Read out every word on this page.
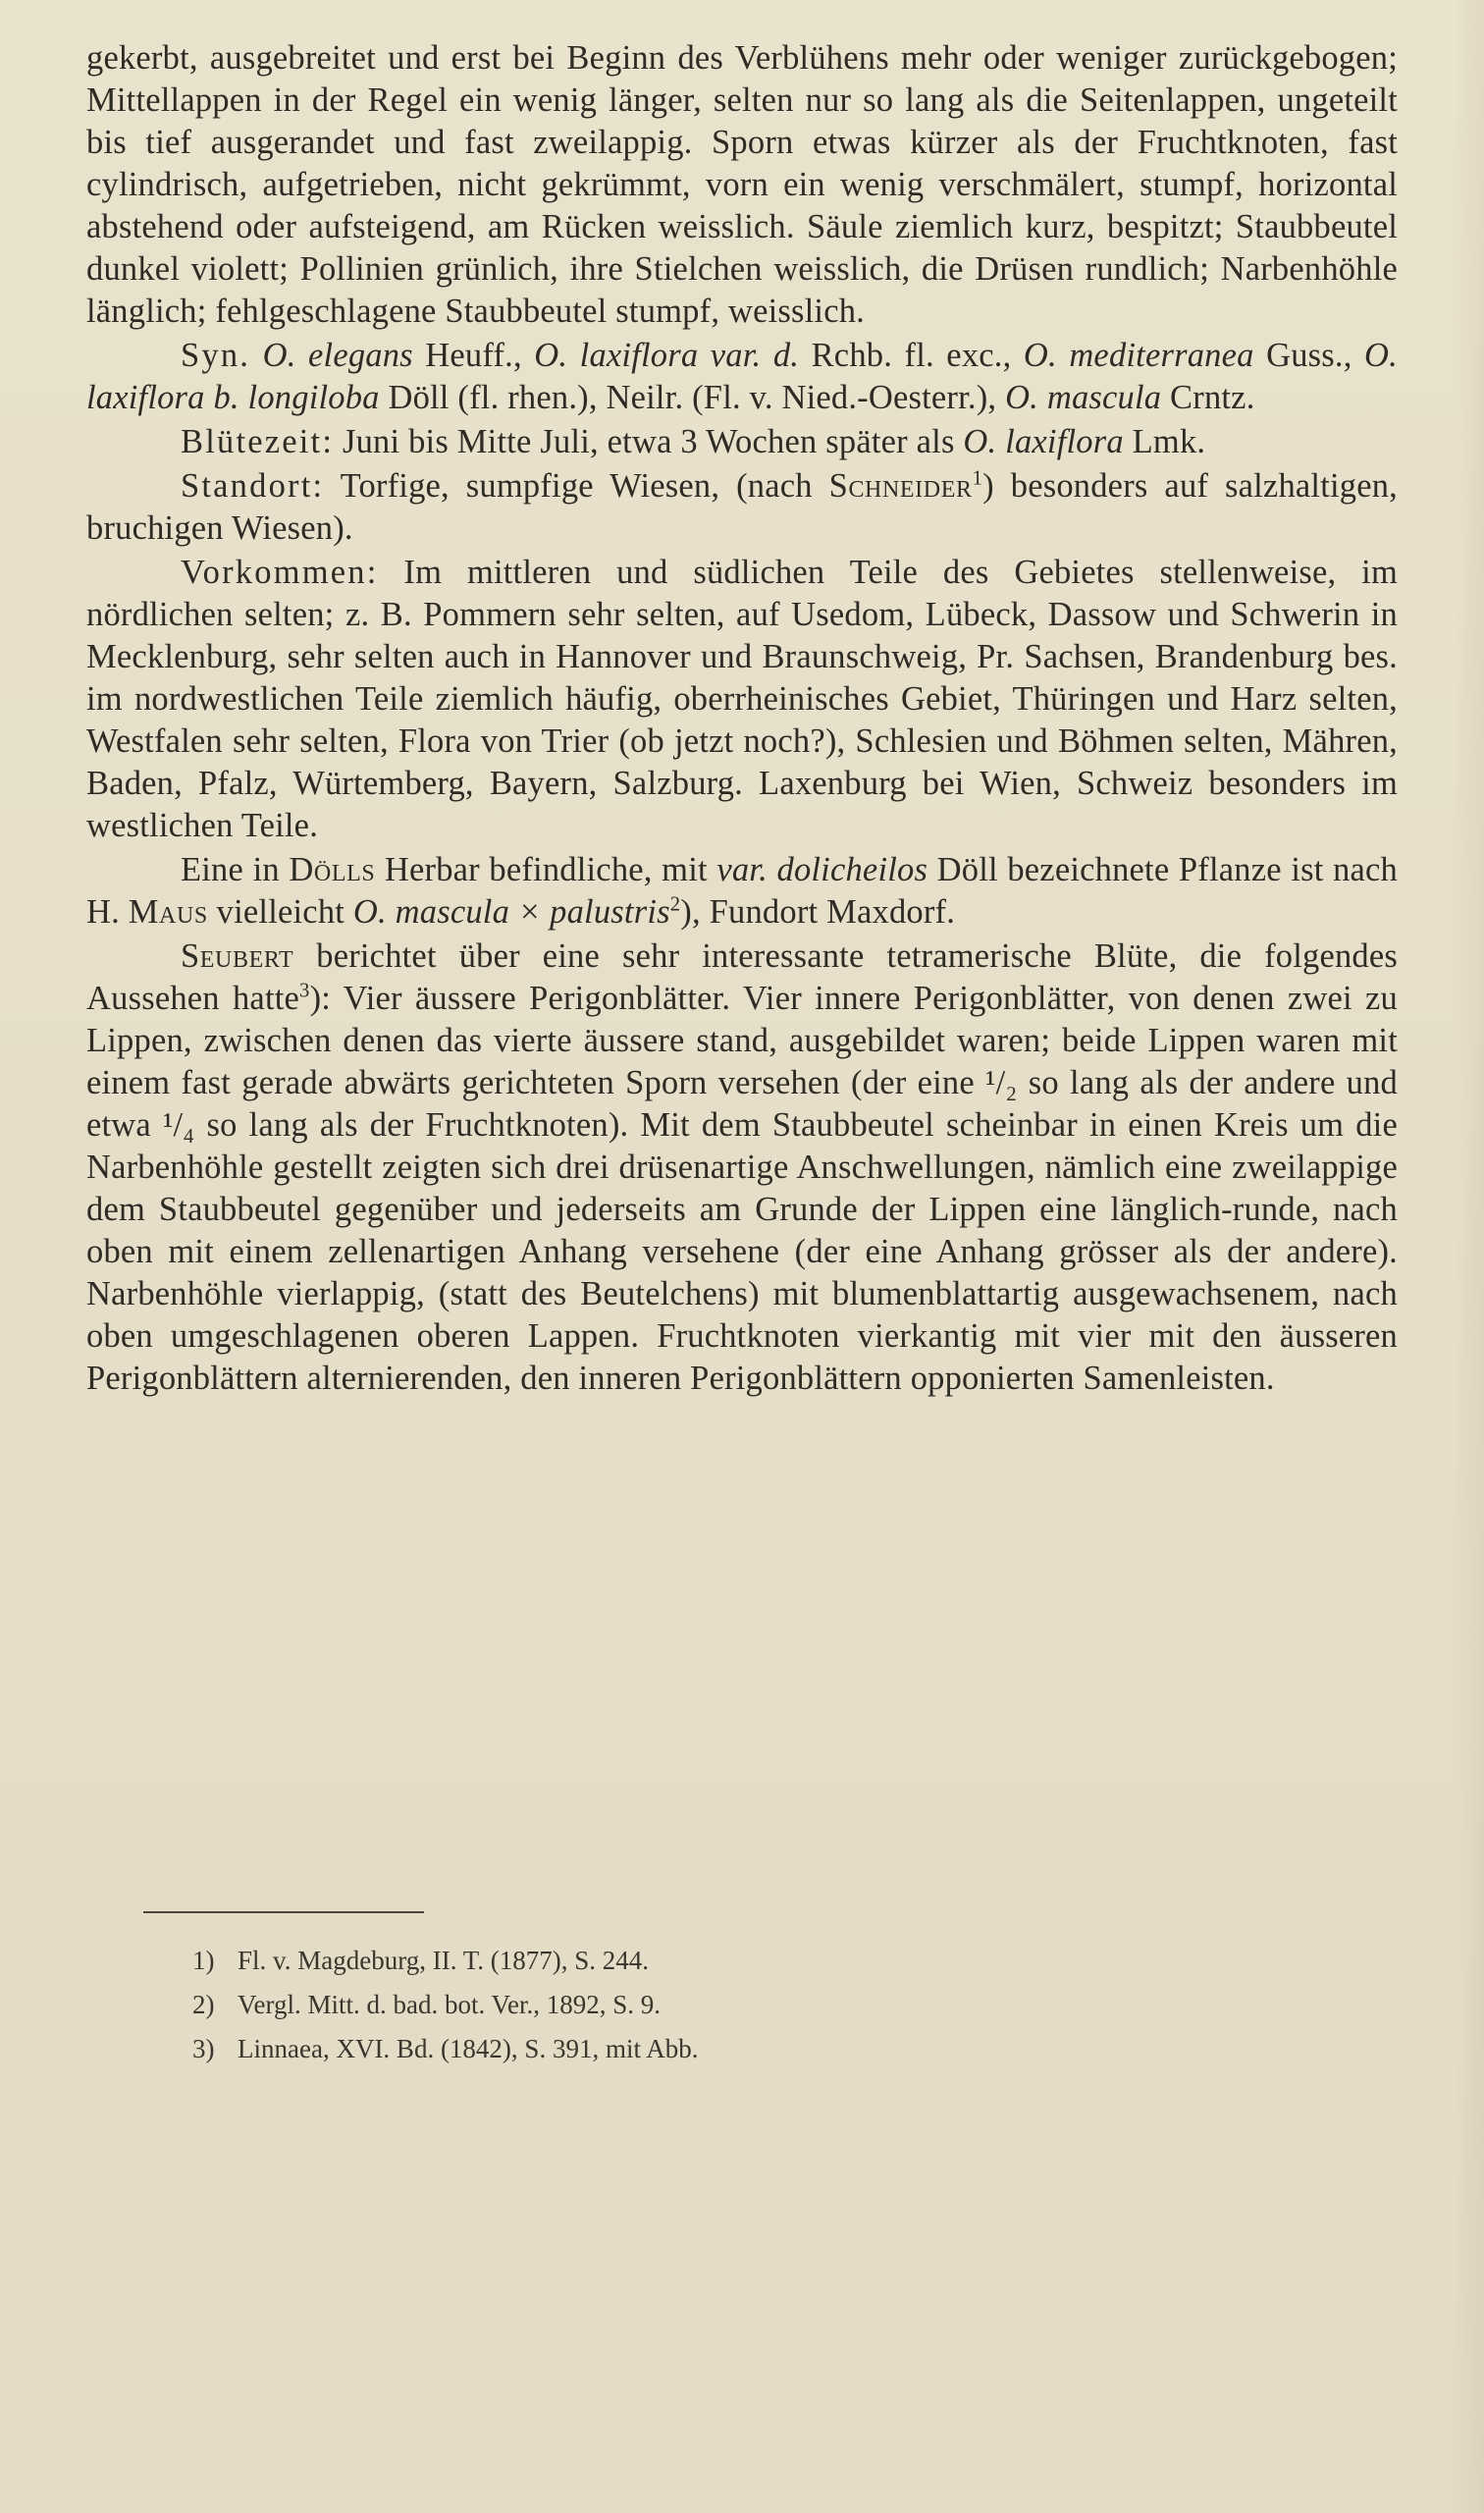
gekerbt, ausgebreitet und erst bei Beginn des Verblühens mehr oder weniger zurückgebogen; Mittellappen in der Regel ein wenig länger, selten nur so lang als die Seitenlappen, ungeteilt bis tief ausgerandet und fast zweilappig. Sporn etwas kürzer als der Fruchtknoten, fast cylindrisch, aufgetrieben, nicht gekrümmt, vorn ein wenig verschmälert, stumpf, horizontal abstehend oder aufsteigend, am Rücken weisslich. Säule ziemlich kurz, bespitzt; Staubbeutel dunkel violett; Pollinien grünlich, ihre Stielchen weisslich, die Drüsen rundlich; Narbenhöhle länglich; fehlgeschlagene Staubbeutel stumpf, weisslich.

Syn. O. elegans Heuff., O. laxiflora var. d. Rchb. fl. exc., O. mediterranea Guss., O. laxiflora b. longiloba Döll (fl. rhen.), Neilr. (Fl. v. Nied.-Oesterr.), O. mascula Crntz.

Blütezeit: Juni bis Mitte Juli, etwa 3 Wochen später als O. laxiflora Lmk.

Standort: Torfige, sumpfige Wiesen, (nach Schneider$^1$) besonders auf salzhaltigen, bruchigen Wiesen).

Vorkommen: Im mittleren und südlichen Teile des Gebietes stellenweise, im nördlichen selten; z. B. Pommern sehr selten, auf Usedom, Lübeck, Dassow und Schwerin in Mecklenburg, sehr selten auch in Hannover und Braunschweig, Pr. Sachsen, Brandenburg bes. im nordwestlichen Teile ziemlich häufig, oberrheinisches Gebiet, Thüringen und Harz selten, Westfalen sehr selten, Flora von Trier (ob jetzt noch?), Schlesien und Böhmen selten, Mähren, Baden, Pfalz, Würtemberg, Bayern, Salzburg. Laxenburg bei Wien, Schweiz besonders im westlichen Teile.

Eine in Dölls Herbar befindliche, mit var. dolicheilos Döll bezeichnete Pflanze ist nach H. Maus vielleicht O. mascula × palustris$^2$), Fundort Maxdorf.

Seubert berichtet über eine sehr interessante tetramerische Blüte, die folgendes Aussehen hatte$^3$): Vier äussere Perigonblätter. Vier innere Perigonblätter, von denen zwei zu Lippen, zwischen denen das vierte äussere stand, ausgebildet waren; beide Lippen waren mit einem fast gerade abwärts gerichteten Sporn versehen (der eine ¹/₂ so lang als der andere und etwa ¹/₄ so lang als der Fruchtknoten). Mit dem Staubbeutel scheinbar in einen Kreis um die Narbenhöhle gestellt zeigten sich drei drüsenartige Anschwellungen, nämlich eine zweilappige dem Staubbeutel gegenüber und jederseits am Grunde der Lippen eine länglich-runde, nach oben mit einem zellenartigen Anhang versehene (der eine Anhang grösser als der andere). Narbenhöhle vierlappig, (statt des Beutelchens) mit blumenblattartig ausgewachsenem, nach oben umgeschlagenen oberen Lappen. Fruchtknoten vierkantig mit vier mit den äusseren Perigonblättern alternierenden, den inneren Perigonblättern opponierten Samenleisten.

1) Fl. v. Magdeburg, II. T. (1877), S. 244.
2) Vergl. Mitt. d. bad. bot. Ver., 1892, S. 9.
3) Linnaea, XVI. Bd. (1842), S. 391, mit Abb.
